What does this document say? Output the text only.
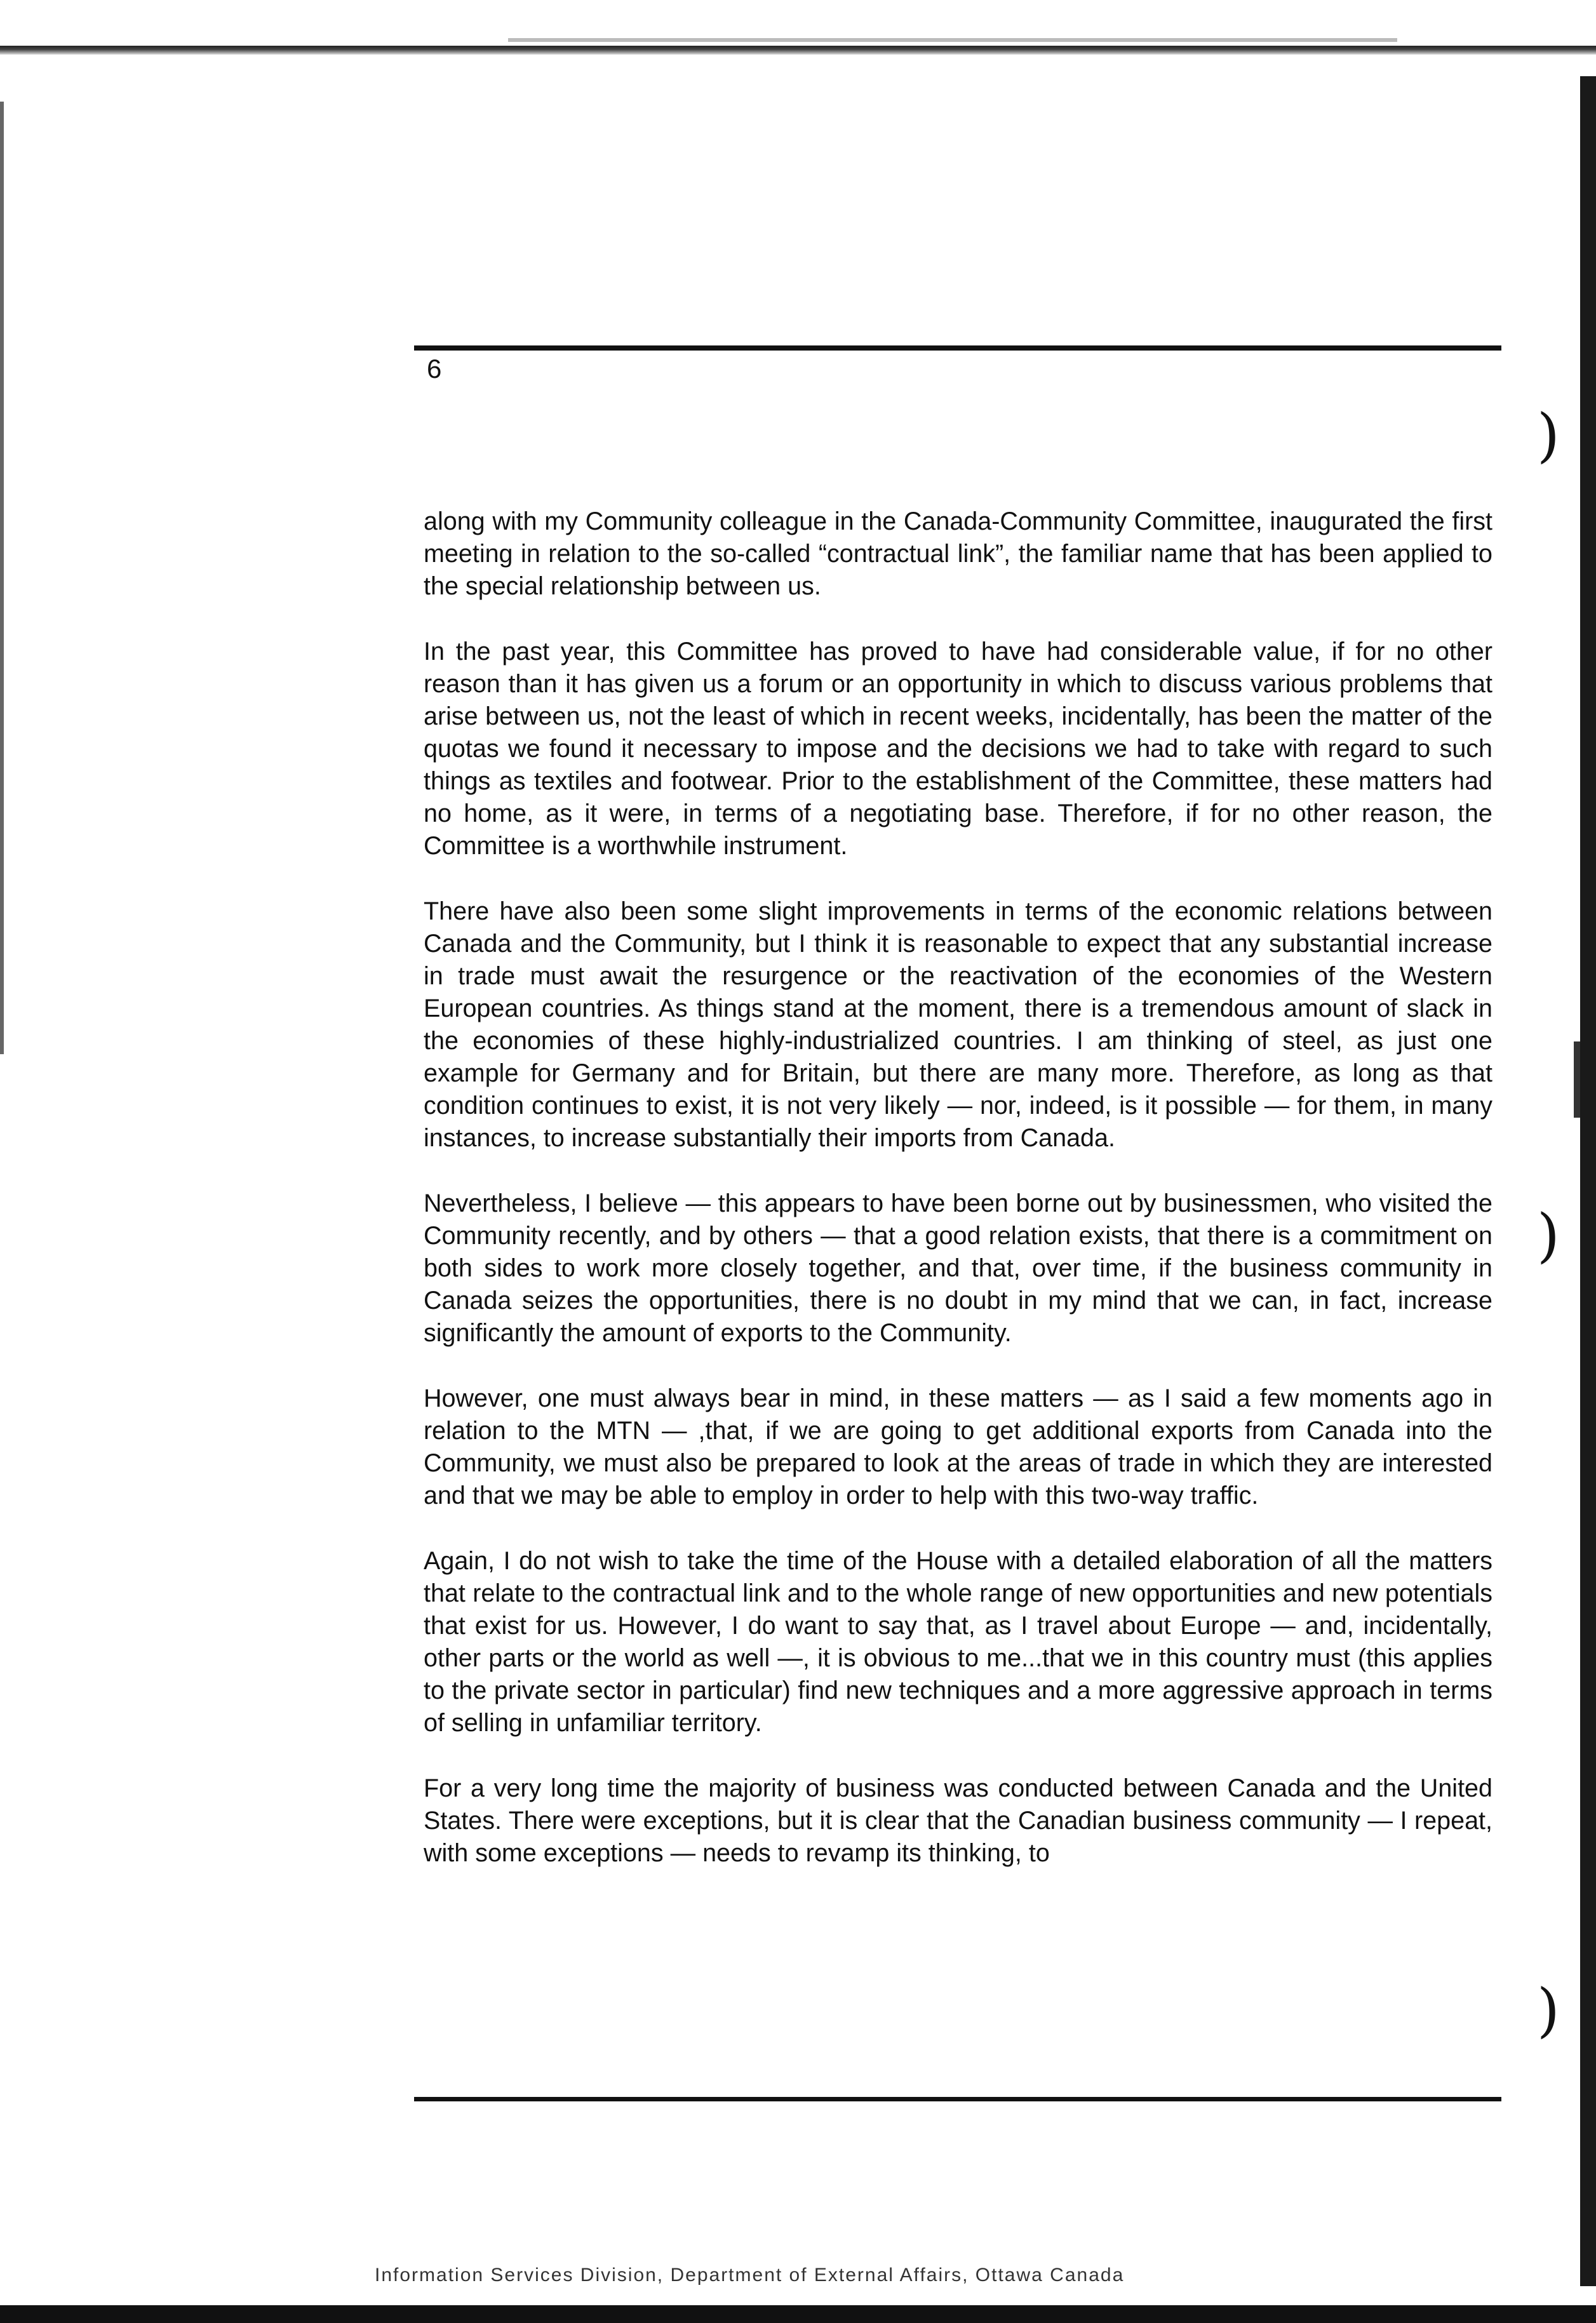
)
)
)
6

along with my Community colleague in the Canada-Community Committee, inaugurated the first meeting in relation to the so-called “contractual link”, the familiar name that has been applied to the special relationship between us.

In the past year, this Committee has proved to have had considerable value, if for no other reason than it has given us a forum or an opportunity in which to discuss various problems that arise between us, not the least of which in recent weeks, incidentally, has been the matter of the quotas we found it necessary to impose and the decisions we had to take with regard to such things as textiles and footwear. Prior to the establishment of the Committee, these matters had no home, as it were, in terms of a negotiating base. Therefore, if for no other reason, the Committee is a worthwhile instrument.

There have also been some slight improvements in terms of the economic relations between Canada and the Community, but I think it is reasonable to expect that any substantial increase in trade must await the resurgence or the reactivation of the economies of the Western European countries. As things stand at the moment, there is a tremendous amount of slack in the economies of these highly-industrialized countries. I am thinking of steel, as just one example for Germany and for Britain, but there are many more. Therefore, as long as that condition continues to exist, it is not very likely — nor, indeed, is it possible — for them, in many instances, to increase substantially their imports from Canada.

Nevertheless, I believe — this appears to have been borne out by businessmen, who visited the Community recently, and by others — that a good relation exists, that there is a commitment on both sides to work more closely together, and that, over time, if the business community in Canada seizes the opportunities, there is no doubt in my mind that we can, in fact, increase significantly the amount of exports to the Community.

However, one must always bear in mind, in these matters — as I said a few moments ago in relation to the MTN — ,that, if we are going to get additional exports from Canada into the Community, we must also be prepared to look at the areas of trade in which they are interested and that we may be able to employ in order to help with this two-way traffic.

Again, I do not wish to take the time of the House with a detailed elaboration of all the matters that relate to the contractual link and to the whole range of new opportunities and new potentials that exist for us. However, I do want to say that, as I travel about Europe — and, incidentally, other parts or the world as well —, it is obvious to me...that we in this country must (this applies to the private sector in particular) find new techniques and a more aggressive approach in terms of selling in unfamiliar territory.

For a very long time the majority of business was conducted between Canada and the United States. There were exceptions, but it is clear that the Canadian business community — I repeat, with some exceptions — needs to revamp its thinking, to

Information Services Division, Department of External Affairs, Ottawa Canada
